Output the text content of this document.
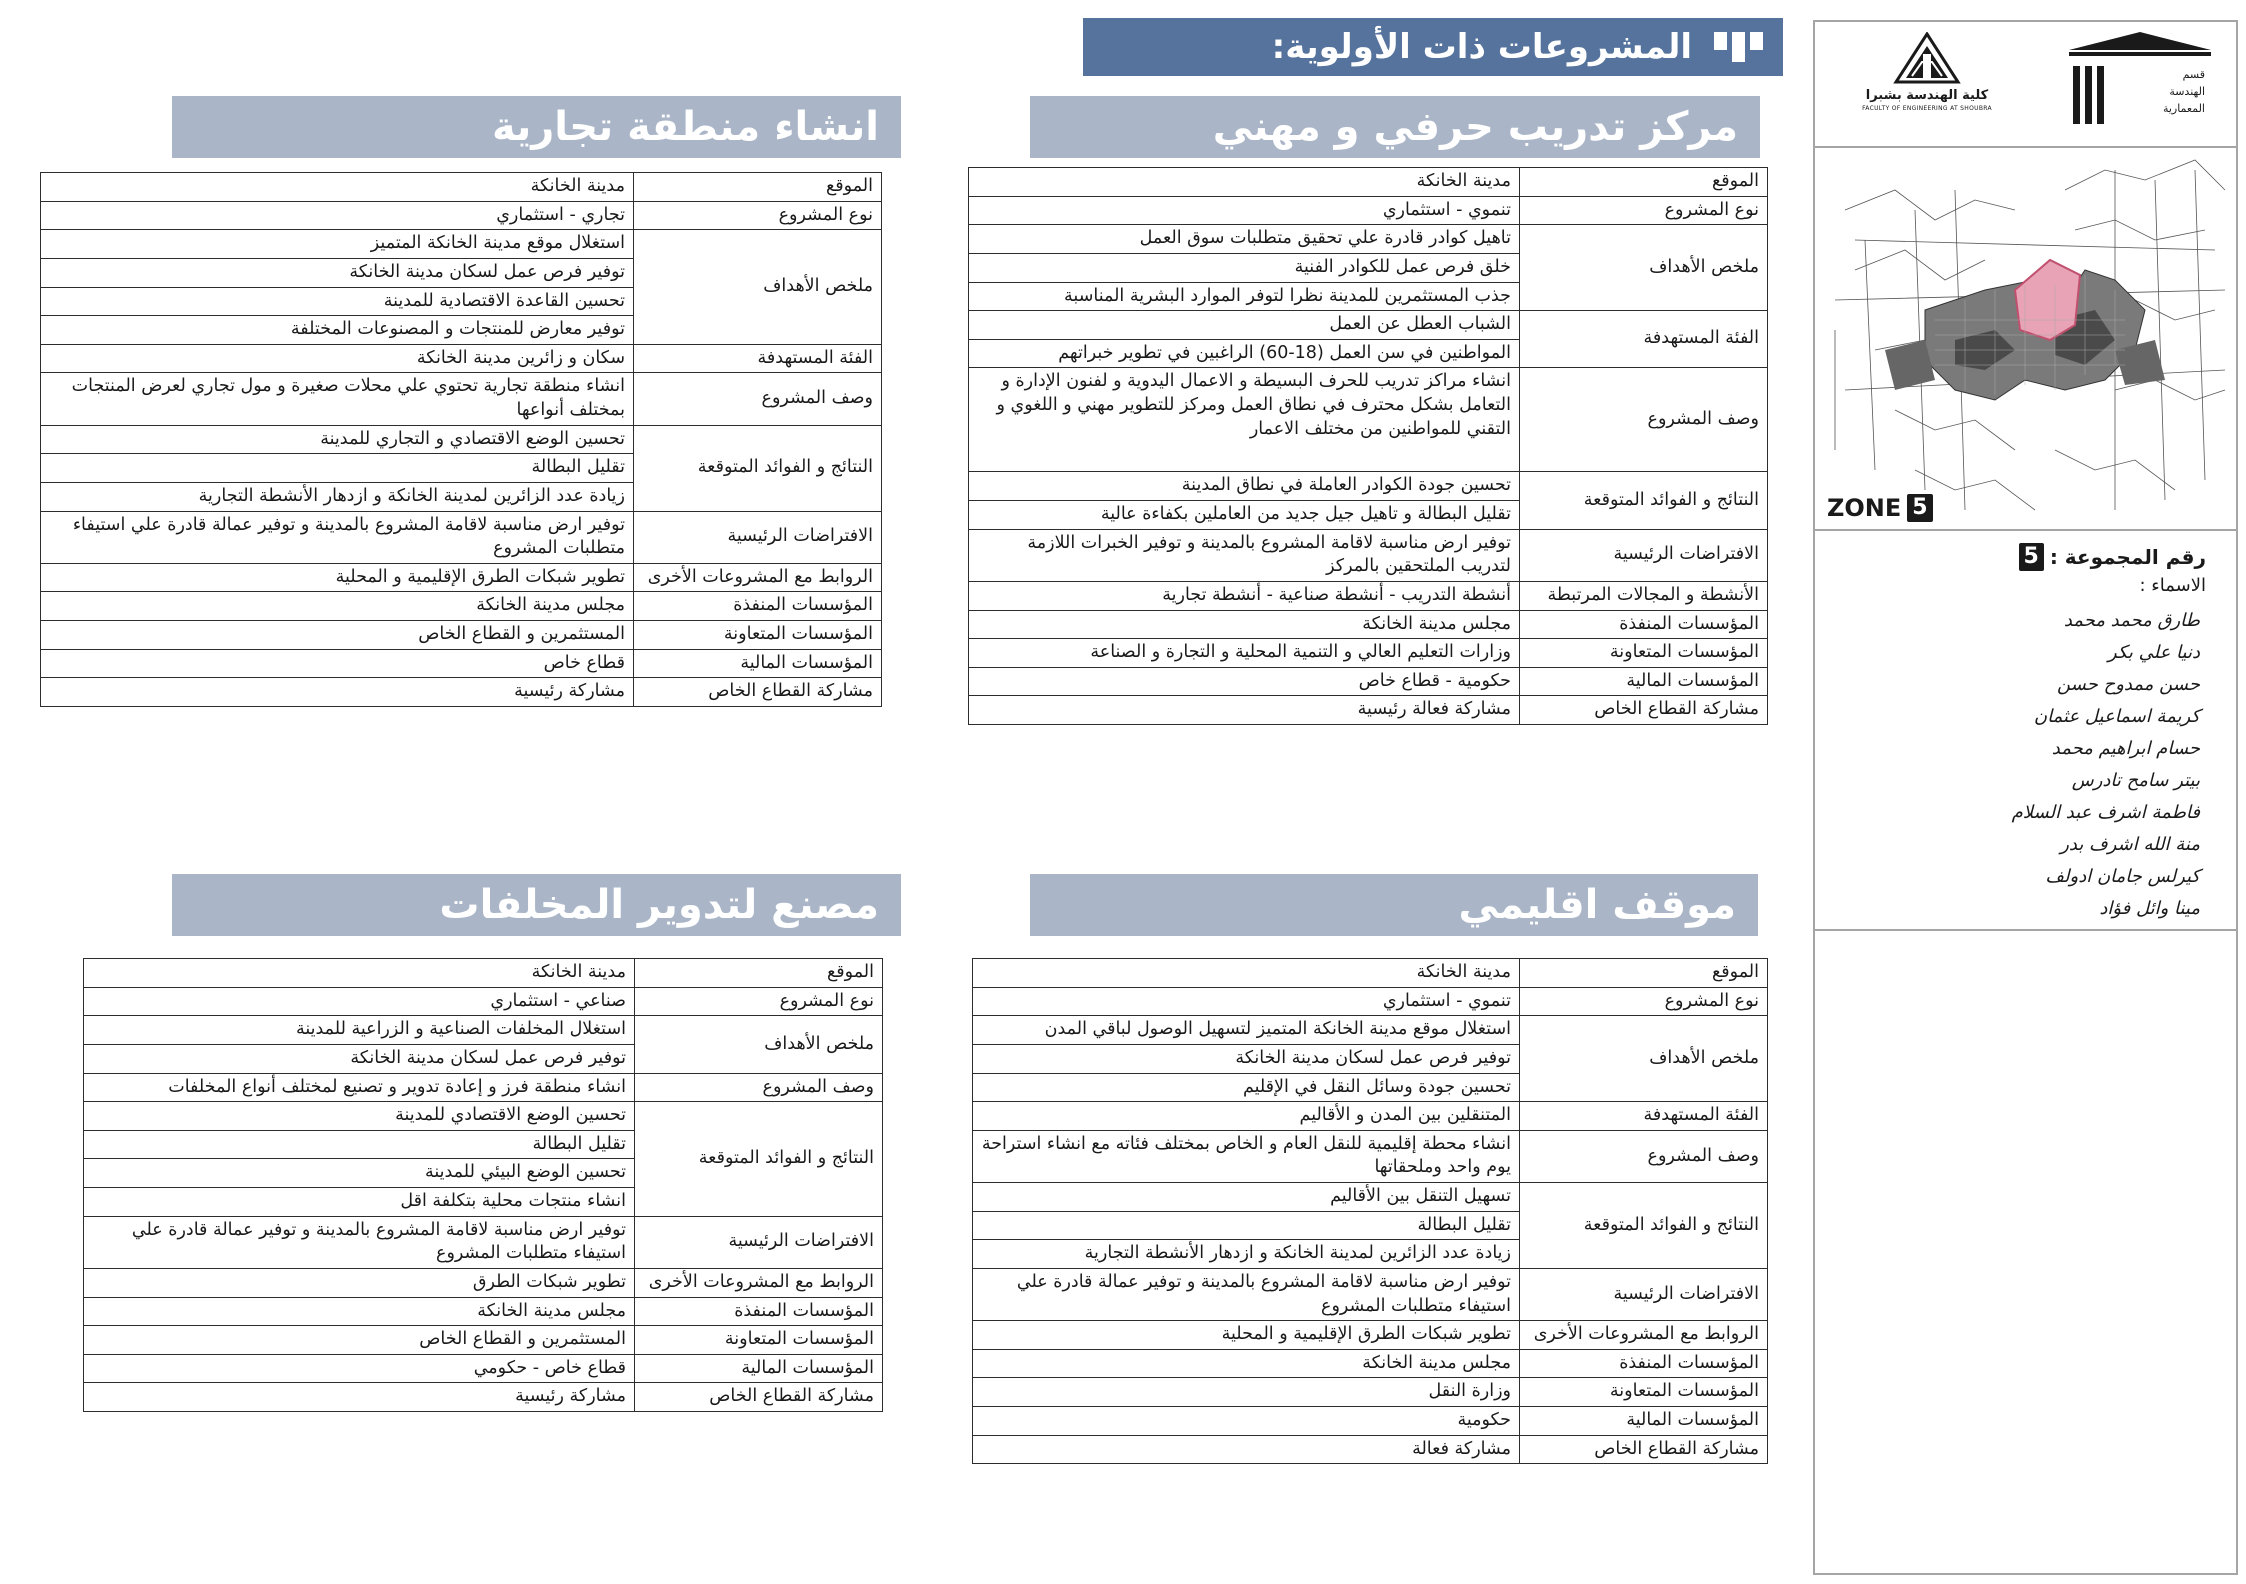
المشروعات ذات الأولوية:
مركز تدريب حرفي و مهني
الموقع	مدينة الخانكة
نوع المشروع	تنموي - استثماري
ملخص الأهداف	تاهيل كوادر قادرة علي تحقيق متطلبات سوق العمل
	خلق فرص عمل للكوادر الفنية
	جذب المستثمرين للمدينة نظرا لتوفر الموارد البشرية المناسبة
الفئة المستهدفة	الشباب العطل عن العمل
	المواطنين في سن العمل (18-60) الراغبين في تطوير خبراتهم
وصف المشروع	انشاء مراكز تدريب للحرف البسيطة و الاعمال اليدوية و لفنون الإدارة و التعامل بشكل محترف في نطاق العمل ومركز للتطوير مهني و اللغوي و التقني للمواطنين من مختلف الاعمار
النتائج و الفوائد المتوقعة	تحسين جودة الكوادر العاملة في نطاق المدينة
	تقليل البطالة و تاهيل جيل جديد من العاملين بكفاءة عالية
الافتراضات الرئيسية	توفير ارض مناسبة لاقامة المشروع بالمدينة و توفير الخبرات اللازمة لتدريب الملتحقين بالمركز
الأنشطة و المجالات المرتبطة	أنشطة التدريب - أنشطة صناعية - أنشطة تجارية
المؤسسات المنفذة	مجلس مدينة الخانكة
المؤسسات المتعاونة	وزارات التعليم العالي و التنمية المحلية و التجارة و الصناعة
المؤسسات المالية	حكومية - قطاع خاص
مشاركة القطاع الخاص	مشاركة فعالة رئيسية
انشاء منطقة تجارية
الموقع	مدينة الخانكة
نوع المشروع	تجاري - استثماري
ملخص الأهداف	استغلال موقع مدينة الخانكة المتميز
	توفير فرص عمل لسكان مدينة الخانكة
	تحسين القاعدة الاقتصادية للمدينة
	توفير معارض للمنتجات و المصنوعات المختلفة
الفئة المستهدفة	سكان و زائرين مدينة الخانكة
وصف المشروع	انشاء منطقة تجارية تحتوي علي محلات صغيرة و مول تجاري لعرض المنتجات بمختلف أنواعها
النتائج و الفوائد المتوقعة	تحسين الوضع الاقتصادي و التجاري للمدينة
	تقليل البطالة
	زيادة عدد الزائرين لمدينة الخانكة و ازدهار الأنشطة التجارية
الافتراضات الرئيسية	توفير ارض مناسبة لاقامة المشروع بالمدينة و توفير عمالة قادرة علي استيفاء متطلبات المشروع
الروابط مع المشروعات الأخرى	تطوير شبكات الطرق الإقليمية و المحلية
المؤسسات المنفذة	مجلس مدينة الخانكة
المؤسسات المتعاونة	المستثمرين و القطاع الخاص
المؤسسات المالية	قطاع خاص
مشاركة القطاع الخاص	مشاركة رئيسية
موقف اقليمي
الموقع	مدينة الخانكة
نوع المشروع	تنموي - استثماري
ملخص الأهداف	استغلال موقع مدينة الخانكة المتميز لتسهيل الوصول لباقي المدن
	توفير فرص عمل لسكان مدينة الخانكة
	تحسين جودة وسائل النقل في الإقليم
الفئة المستهدفة	المتنقلين بين المدن و الأقاليم
وصف المشروع	انشاء محطة إقليمية للنقل العام و الخاص بمختلف فئاته مع انشاء استراحة يوم واحد وملحقاتها
النتائج و الفوائد المتوقعة	تسهيل التنقل بين الأقاليم
	تقليل البطالة
	زيادة عدد الزائرين لمدينة الخانكة و ازدهار الأنشطة التجارية
الافتراضات الرئيسية	توفير ارض مناسبة لاقامة المشروع بالمدينة و توفير عمالة قادرة علي استيفاء متطلبات المشروع
الروابط مع المشروعات الأخرى	تطوير شبكات الطرق الإقليمية و المحلية
المؤسسات المنفذة	مجلس مدينة الخانكة
المؤسسات المتعاونة	وزارة النقل
المؤسسات المالية	حكومية
مشاركة القطاع الخاص	مشاركة فعالة
مصنع لتدوير المخلفات
الموقع	مدينة الخانكة
نوع المشروع	صناعي - استثماري
ملخص الأهداف	استغلال المخلفات الصناعية و الزراعية للمدينة
	توفير فرص عمل لسكان مدينة الخانكة
وصف المشروع	انشاء منطقة فرز و إعادة تدوير و تصنيع لمختلف أنواع المخلفات
النتائج و الفوائد المتوقعة	تحسين الوضع الاقتصادي للمدينة
	تقليل البطالة
	تحسين الوضع البيئي للمدينة
	انشاء منتجات محلية بتكلفة اقل
الافتراضات الرئيسية	توفير ارض مناسبة لاقامة المشروع بالمدينة و توفير عمالة قادرة علي استيفاء متطلبات المشروع
الروابط مع المشروعات الأخرى	تطوير شبكات الطرق
المؤسسات المنفذة	مجلس مدينة الخانكة
المؤسسات المتعاونة	المستثمرين و القطاع الخاص
المؤسسات المالية	قطاع خاص - حكومي
مشاركة القطاع الخاص	مشاركة رئيسية
كلية الهندسة بشبرا
FACULTY OF ENGINEERING AT SHOUBRA
قسم
الهندسة
المعمارية
ZONE 5
رقم المجموعة :
5
الاسماء :
طارق محمد محمد
دنيا علي بكر
حسن ممدوح حسن
كريمة اسماعيل عثمان
حسام ابراهيم محمد
بيتر سامح تادرس
فاطمة اشرف عبد السلام
منة الله اشرف بدر
كيرلس جامان ادولف
مينا وائل فؤاد
